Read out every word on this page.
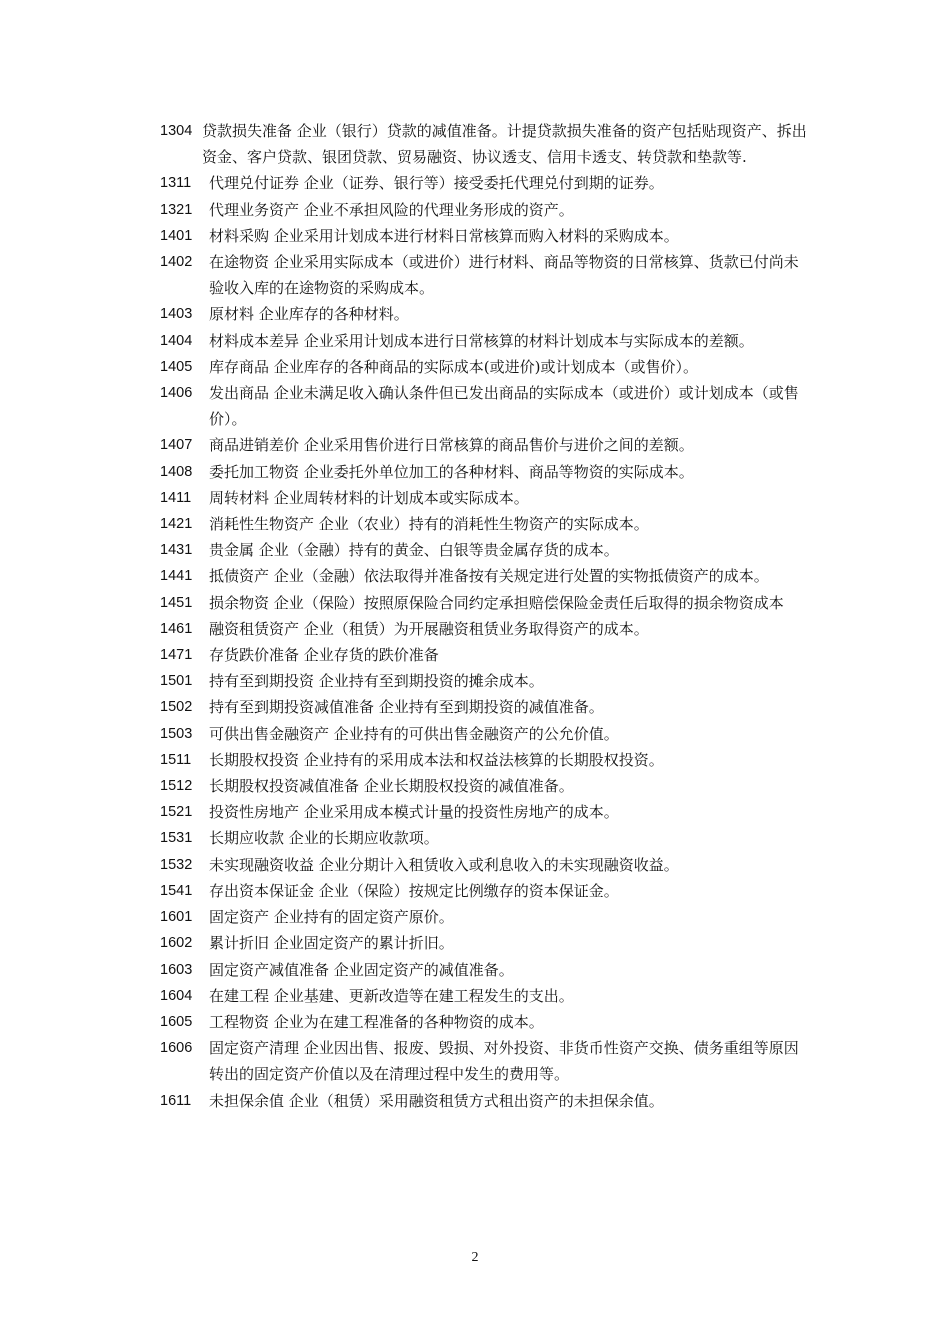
1304 贷款损失准备 企业（银行）贷款的减值准备。计提贷款损失准备的资产包括贴现资产、拆出资金、客户贷款、银团贷款、贸易融资、协议透支、信用卡透支、转贷款和垫款等.
1311 代理兑付证券 企业（证券、银行等）接受委托代理兑付到期的证券。
1321 代理业务资产 企业不承担风险的代理业务形成的资产。
1401 材料采购 企业采用计划成本进行材料日常核算而购入材料的采购成本。
1402 在途物资 企业采用实际成本（或进价）进行材料、商品等物资的日常核算、货款已付尚未验收入库的在途物资的采购成本。
1403 原材料 企业库存的各种材料。
1404 材料成本差异 企业采用计划成本进行日常核算的材料计划成本与实际成本的差额。
1405 库存商品 企业库存的各种商品的实际成本(或进价)或计划成本（或售价）。
1406 发出商品 企业未满足收入确认条件但已发出商品的实际成本（或进价）或计划成本（或售价）。
1407 商品进销差价 企业采用售价进行日常核算的商品售价与进价之间的差额。
1408 委托加工物资 企业委托外单位加工的各种材料、商品等物资的实际成本。
1411 周转材料 企业周转材料的计划成本或实际成本。
1421 消耗性生物资产 企业（农业）持有的消耗性生物资产的实际成本。
1431 贵金属 企业（金融）持有的黄金、白银等贵金属存货的成本。
1441 抵债资产 企业（金融）依法取得并准备按有关规定进行处置的实物抵债资产的成本。
1451 损余物资 企业（保险）按照原保险合同约定承担赔偿保险金责任后取得的损余物资成本
1461 融资租赁资产 企业（租赁）为开展融资租赁业务取得资产的成本。
1471 存货跌价准备 企业存货的跌价准备
1501 持有至到期投资 企业持有至到期投资的摊余成本。
1502 持有至到期投资减值准备 企业持有至到期投资的减值准备。
1503 可供出售金融资产 企业持有的可供出售金融资产的公允价值。
1511 长期股权投资 企业持有的采用成本法和权益法核算的长期股权投资。
1512 长期股权投资减值准备 企业长期股权投资的减值准备。
1521 投资性房地产 企业采用成本模式计量的投资性房地产的成本。
1531 长期应收款 企业的长期应收款项。
1532 未实现融资收益 企业分期计入租赁收入或利息收入的未实现融资收益。
1541 存出资本保证金 企业（保险）按规定比例缴存的资本保证金。
1601 固定资产 企业持有的固定资产原价。
1602 累计折旧 企业固定资产的累计折旧。
1603 固定资产减值准备 企业固定资产的减值准备。
1604 在建工程 企业基建、更新改造等在建工程发生的支出。
1605 工程物资 企业为在建工程准备的各种物资的成本。
1606 固定资产清理 企业因出售、报废、毁损、对外投资、非货币性资产交换、债务重组等原因转出的固定资产价值以及在清理过程中发生的费用等。
1611 未担保余值 企业（租赁）采用融资租赁方式租出资产的未担保余值。
2
